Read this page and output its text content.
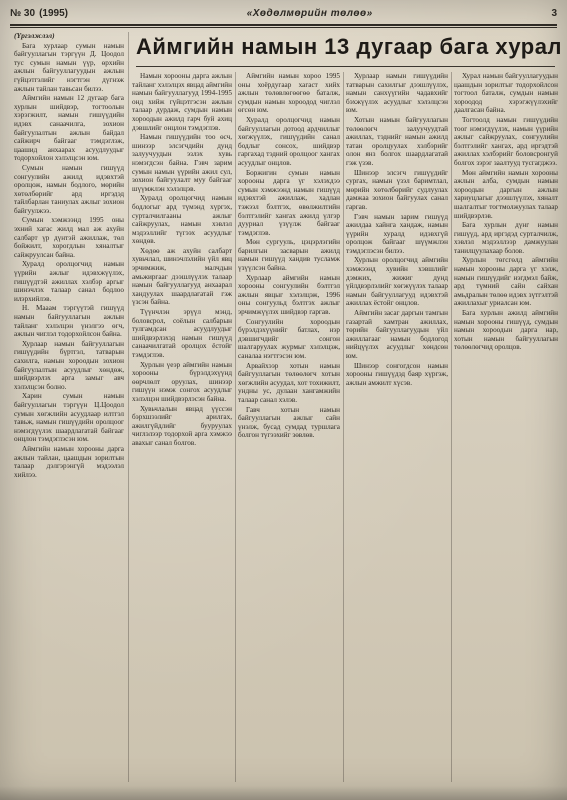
№ 30 (1995)	«Хөдөлмөрийн төлөө»	3
Аймгийн намын 13 дугаар бага хурал

(Үргэлжлэл)

Бага хурлаар сумын намын байгууллагын тэргүүн Д. Цоодол тус сумын намын үүр, өрхийн ажлын байгууллагуудын ажлын гүйцэтгэлийг нэгтгэн дүгнэж ажлын тайлан тавьсан билээ.

Аймгийн намын 12 дугаар бага хурлын шийдвэр, тогтоолын хэрэгжилт, намын гишүүдийн идэвх санаачилга, зохион байгуулалтын ажлын байдал сайжирч байгааг тэмдэглэж, цаашид анхаарах асуудлуудыг тодорхойлон хэлэлцсэн юм.

Сумын намын гишүүд сонгуулийн ажилд идэвхтэй оролцож, намын бодлого, мөрийн хөтөлбөрийг ард иргэдэд тайлбарлан таниулах ажлыг зохион байгуулжээ.

Сумын хэмжээнд 1995 оны эхний хагас жилд мал аж ахуйн салбарт үр дүнтэй ажиллаж, төл бойжилт, хорогдлын хяналтыг сайжруулсан байна.

Хуралд оролцогчид намын үүрийн ажлыг идэвхжүүлэх, гишүүдтэй ажиллах хэлбэр аргыг шинэчлэх талаар санал бодлоо илэрхийлэв.

Н. Мааам тэргүүтэй гишүүд намын байгууллагын ажлын тайланг хэлэлцэн үнэлгээ өгч, ажлын чиглэл тодорхойлсон байна.

Хурлаар намын байгууллагын гишүүдийн бүртгэл, татварын сахилга, намын хороодын зохион байгуулалтын асуудлыг хөндөж, шийдвэрлэх арга замыг авч хэлэлцсэн болно.

Харин сумын намын байгууллагын тэргүүн Ц.Цоодол сумын хөгжлийн асуудлаар илтгэл тавьж, намын гишүүдийн оролцоог нэмэгдүүлэх шаардлагатай байгааг онцлон тэмдэглэсэн юм.

Аймгийн намын хорооны дарга ажлын тайлан, цаашдын зорилтын талаар дэлгэрэнгүй мэдээлэл хийлээ.

Намын хорооны дарга ажлын тайланг хэлэлцэх явцад аймгийн намын байгууллагууд 1994-1995 онд хийж гүйцэтгэсэн ажлын талаар дурдаж, сумдын намын хороодын ажилд гарч буй ахиц дэвшлийг онцлон тэмдэглэв.

Намын гишүүдийн тоо өсч, шинээр элсэгчдийн дунд залуучуудын эзлэх хувь нэмэгдсэн байна. Гэвч зарим сумын намын үүрийн ажил сул, зохион байгуулалт муу байгааг шүүмжлэн хэлэлцэв.

Хуралд оролцогчид намын бодлогыг ард түмэнд хүргэх, сурталчилгааны ажлыг сайжруулах, намын хэвлэл мэдээллийг түгээх асуудлыг хөндөв.

Хөдөө аж ахуйн салбарт хувьчлал, шинэчлэлийн үйл явц эрчимжиж, малчдын амьжиргааг дээшлүүлэх талаар намын байгууллагууд анхаарал хандуулах шаардлагатай гэж үзсэн байна.

Түүнчлэн эрүүл мэнд, боловсрол, соёлын салбарын тулгамдсан асуудлуудыг шийдвэрлэхэд намын гишүүд санаачилгатай оролцох ёстойг тэмдэглэв.

Хурлын үеэр аймгийн намын хорооны бүрэлдэхүүнд өөрчлөлт оруулах, шинээр гишүүн нэмж сонгох асуудлыг хэлэлцэн шийдвэрлэсэн байна.

Хувьчлалын явцад үүссэн бэрхшээлийг арилгах, ажилгүйдлийг бууруулах чиглэлээр тодорхой арга хэмжээ авахыг санал болгов.

Аймгийн намын хороо 1995 оны хоёрдугаар хагаст хийх ажлын төлөвлөгөөгөө баталж, сумдын намын хороодод чиглэл өгсөн юм.

Хуралд оролцогчид намын байгууллагын дотоод ардчиллыг хөгжүүлэх, гишүүдийн санал бодлыг сонсох, шийдвэр гаргахад тэдний оролцоог хангах асуудлыг онцлов.

Боржигин сумын намын хорооны дарга үг хэлэхдээ сумын хэмжээнд намын гишүүд идэвхтэй ажиллаж, хадлан тэжээл бэлтгэх, өвөлжилтийн бэлтгэлийг хангах ажилд үлгэр дууриал үзүүлж байгааг тэмдэглэв.

Мөн сургууль, цэцэрлэгийн барилгын засварын ажилд намын гишүүд хандив тусламж үзүүлсэн байна.

Хурлаар аймгийн намын хорооны сонгуулийн бэлтгэл ажлын явцыг хэлэлцэж, 1996 оны сонгуульд бэлтгэх ажлыг эрчимжүүлэх шийдвэр гаргав.

Сонгуулийн хороодын бүрэлдэхүүнийг батлах, нэр дэвшигчдийг сонгон шалгаруулах журмыг хэлэлцэж, саналаа нэгтгэсэн юм.

Арвайхээр хотын намын байгууллагын төлөөлөгч хотын хөгжлийн асуудал, хот тохижилт, ундны ус, дулаан хангамжийн талаар санал хэлэв.

Гавч хотын намын байгууллагын ажлыг сайн үнэлж, бусад сумдад туршлага болгон түгээхийг зөвлөв.

Хурлаар намын гишүүдийн татварын сахилгыг дээшлүүлэх, намын санхүүгийн чадавхийг бэхжүүлэх асуудлыг хэлэлцсэн юм.

Хотын намын байгууллагын төлөөлөгч залуучуудтай ажиллах, тэднийг намын ажилд татан оролцуулах хэлбэрийг олон янз болгох шаардлагатай гэж үзэв.

Шинээр элсэгч гишүүдийг сургах, намын үзэл баримтлал, мөрийн хөтөлбөрийг судлуулах дамжаа зохион байгуулах санал гаргав.

Гэвч намын зарим гишүүд ажилдаа хайнга хандаж, намын үүрийн хуралд идэвхгүй оролцож байгааг шүүмжлэн тэмдэглэсэн билээ.

Хурлын оролцогчид аймгийн хэмжээнд хувийн хэвшлийг дэмжих, жижиг дунд үйлдвэрлэлийг хөгжүүлэх талаар намын байгууллагууд идэвхтэй ажиллах ёстойг онцлов.

Аймгийн засаг даргын тамгын газартай хамтран ажиллах, төрийн байгууллагуудын үйл ажиллагааг намын бодлогод нийцүүлэх асуудлыг хөндсөн юм.

Шинээр сонгогдсон намын хорооны гишүүдэд баяр хүргэж, ажлын амжилт хүсэв.

Хурал намын байгууллагуудын цаашдын зорилтыг тодорхойлсон тогтоол баталж, сумдын намын хороодод хэрэгжүүлэхийг даалгасан байна.

Тогтоолд намын гишүүдийн тоог нэмэгдүүлэх, намын үүрийн ажлыг сайжруулах, сонгуулийн бэлтгэлийг хангах, ард иргэдтэй ажиллах хэлбэрийг боловсронгуй болгох зэрэг заалтууд тусгагджээ.

Мөн аймгийн намын хорооны ажлын алба, сумдын намын хороодын даргын ажлын хариуцлагыг дээшлүүлэх, хяналт шалгалтыг тогтмолжуулах талаар шийдвэрлэв.

Бага хурлын дүнг намын гишүүд, ард иргэдэд сурталчилж, хэвлэл мэдээллээр дамжуулан танилцуулахаар болов.

Хурлын төгсгөлд аймгийн намын хорооны дарга үг хэлж, намын гишүүдийг нэгдмэл байж, ард түмний сайн сайхан амьдралын төлөө идэвх зүтгэлтэй ажиллахыг уриалсан юм.

Бага хурлын ажилд аймгийн намын хорооны гишүүд, сумдын намын хороодын дарга нар, хотын намын байгууллагын төлөөлөгчид оролцов.
